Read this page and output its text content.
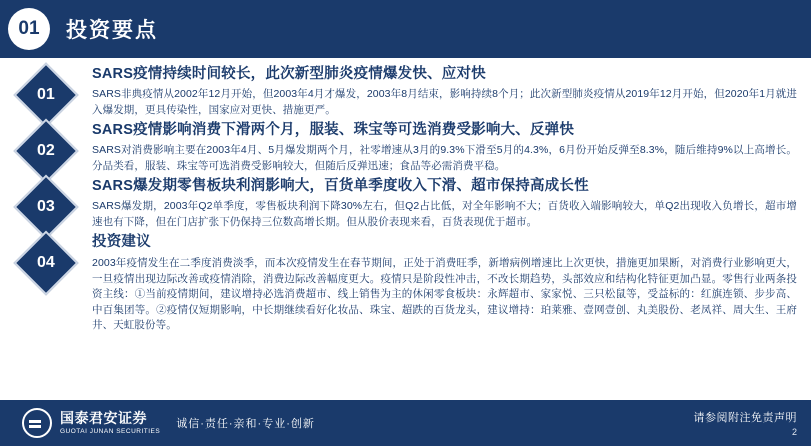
01	投资要点
01

SARS疫情持续时间较长，此次新型肺炎疫情爆发快、应对快

SARS非典疫情从2002年12月开始，但2003年4月才爆发，2003年8月结束，影响持续8个月；此次新型肺炎疫情从2019年12月开始，但2020年1月就进入爆发期，更具传染性，国家应对更快、措施更严。

02

SARS疫情影响消费下滑两个月，服装、珠宝等可选消费受影响大、反弹快

SARS对消费影响主要在2003年4月、5月爆发期两个月，社零增速从3月的9.3%下滑至5月的4.3%，6月份开始反弹至8.3%，随后维持9%以上高增长。分品类看，服装、珠宝等可选消费受影响较大，但随后反弹迅速；食品等必需消费平稳。

03

SARS爆发期零售板块利润影响大，百货单季度收入下滑、超市保持高成长性

SARS爆发期，2003年Q2单季度，零售板块利润下降30%左右，但Q2占比低，对全年影响不大；百货收入端影响较大，单Q2出现收入负增长，超市增速也有下降，但在门店扩张下仍保持三位数高增长期。但从股价表现来看，百货表现优于超市。

04

投资建议

2003年疫情发生在二季度消费淡季，而本次疫情发生在春节期间，正处于消费旺季，新增病例增速比上次更快，措施更加果断，对消费行业影响更大，一旦疫情出现边际改善或疫情消除，消费边际改善幅度更大。疫情只是阶段性冲击，不改长期趋势，头部效应和结构化特征更加凸显。零售行业两条投资主线：①当前疫情期间，建议增持必选消费超市、线上销售为主的休闲零食板块：永辉超市、家家悦、三只松鼠等，受益标的：红旗连锁、步步高、中百集团等。②疫情仅短期影响，中长期继续看好化妆品、珠宝、超跌的百货龙头，建议增持：珀莱雅、壹网壹创、丸美股份、老凤祥、周大生、王府井、天虹股份等。

国泰君安证券
GUOTAI JUNAN SECURITIES
诚信·责任·亲和·专业·创新	请参阅附注免责声明
2
